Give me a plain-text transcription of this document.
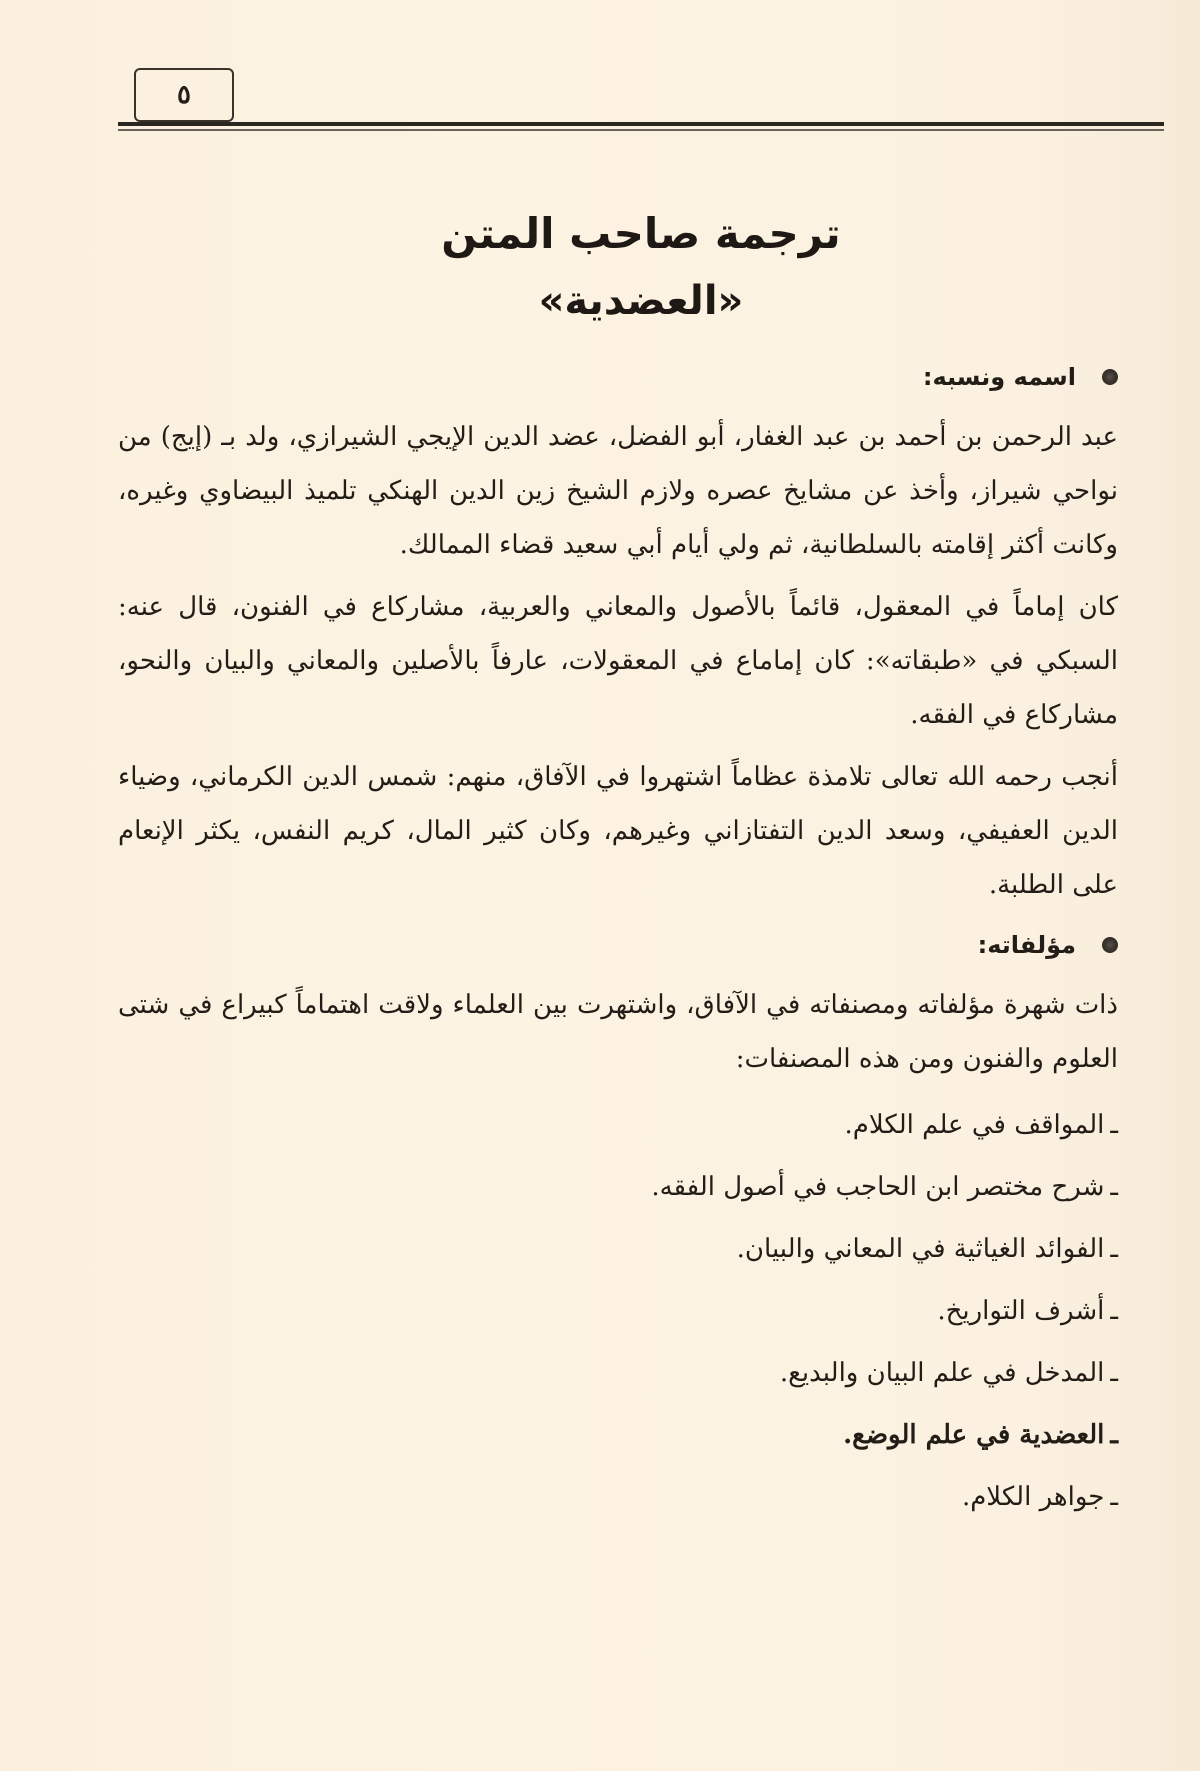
٥
ترجمة صاحب المتن
«العضدية»
اسمه ونسبه:

عبد الرحمن بن أحمد بن عبد الغفار، أبو الفضل، عضد الدين الإيجي الشيرازي، ولد بـ (إيج) من نواحي شيراز، وأخذ عن مشايخ عصره ولازم الشيخ زين الدين الهنكي تلميذ البيضاوي وغيره، وكانت أكثر إقامته بالسلطانية، ثم ولي أيام أبي سعيد قضاء الممالك.

كان إماماً في المعقول، قائماً بالأصول والمعاني والعربية، مشاركاع في الفنون، قال عنه: السبكي في «طبقاته»: كان إماماع في المعقولات، عارفاً بالأصلين والمعاني والبيان والنحو، مشاركاع في الفقه.

أنجب رحمه الله تعالى تلامذة عظاماً اشتهروا في الآفاق، منهم: شمس الدين الكرماني، وضياء الدين العفيفي، وسعد الدين التفتازاني وغيرهم، وكان كثير المال، كريم النفس، يكثر الإنعام على الطلبة.

مؤلفاته:

ذات شهرة مؤلفاته ومصنفاته في الآفاق، واشتهرت بين العلماء ولاقت اهتماماً كبيراع في شتى العلوم والفنون ومن هذه المصنفات:

ـالمواقف في علم الكلام.
ـشرح مختصر ابن الحاجب في أصول الفقه.
ـالفوائد الغياثية في المعاني والبيان.
ـأشرف التواريخ.
ـالمدخل في علم البيان والبديع.
ـالعضدية في علم الوضع.
ـجواهر الكلام.
